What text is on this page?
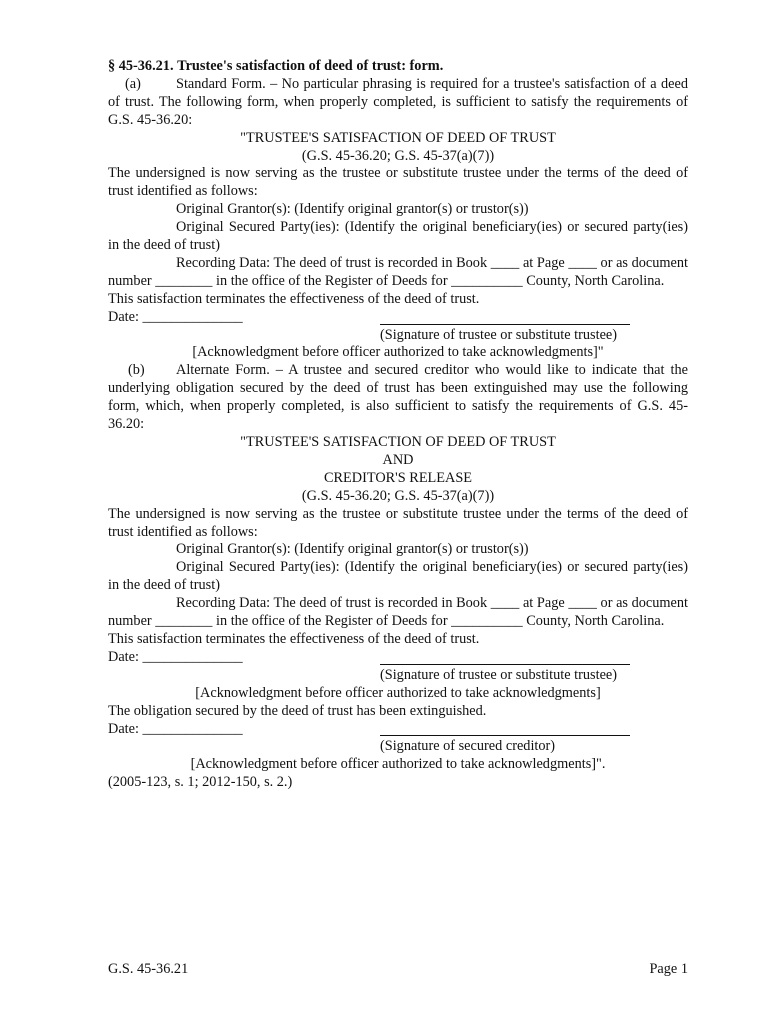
§ 45-36.21. Trustee's satisfaction of deed of trust: form.

(a) Standard Form. – No particular phrasing is required for a trustee's satisfaction of a deed of trust. The following form, when properly completed, is sufficient to satisfy the requirements of G.S. 45-36.20:

"TRUSTEE'S SATISFACTION OF DEED OF TRUST

(G.S. 45-36.20; G.S. 45-37(a)(7))

The undersigned is now serving as the trustee or substitute trustee under the terms of the deed of trust identified as follows:

Original Grantor(s): (Identify original grantor(s) or trustor(s))

Original Secured Party(ies): (Identify the original beneficiary(ies) or secured party(ies) in the deed of trust)

Recording Data: The deed of trust is recorded in Book ____ at Page ____ or as document number ________ in the office of the Register of Deeds for __________ County, North Carolina.

This satisfaction terminates the effectiveness of the deed of trust.

Date: ______________

(Signature of trustee or substitute trustee)

[Acknowledgment before officer authorized to take acknowledgments]"

(b) Alternate Form. – A trustee and secured creditor who would like to indicate that the underlying obligation secured by the deed of trust has been extinguished may use the following form, which, when properly completed, is also sufficient to satisfy the requirements of G.S. 45-36.20:

"TRUSTEE'S SATISFACTION OF DEED OF TRUST

AND

CREDITOR'S RELEASE

(G.S. 45-36.20; G.S. 45-37(a)(7))

The undersigned is now serving as the trustee or substitute trustee under the terms of the deed of trust identified as follows:

Original Grantor(s): (Identify original grantor(s) or trustor(s))

Original Secured Party(ies): (Identify the original beneficiary(ies) or secured party(ies) in the deed of trust)

Recording Data: The deed of trust is recorded in Book ____ at Page ____ or as document number ________ in the office of the Register of Deeds for __________ County, North Carolina.

This satisfaction terminates the effectiveness of the deed of trust.

Date: ______________

(Signature of trustee or substitute trustee)

[Acknowledgment before officer authorized to take acknowledgments]

The obligation secured by the deed of trust has been extinguished.

Date: ______________

(Signature of secured creditor)

[Acknowledgment before officer authorized to take acknowledgments]".

(2005-123, s. 1; 2012-150, s. 2.)

G.S. 45-36.21	Page 1
